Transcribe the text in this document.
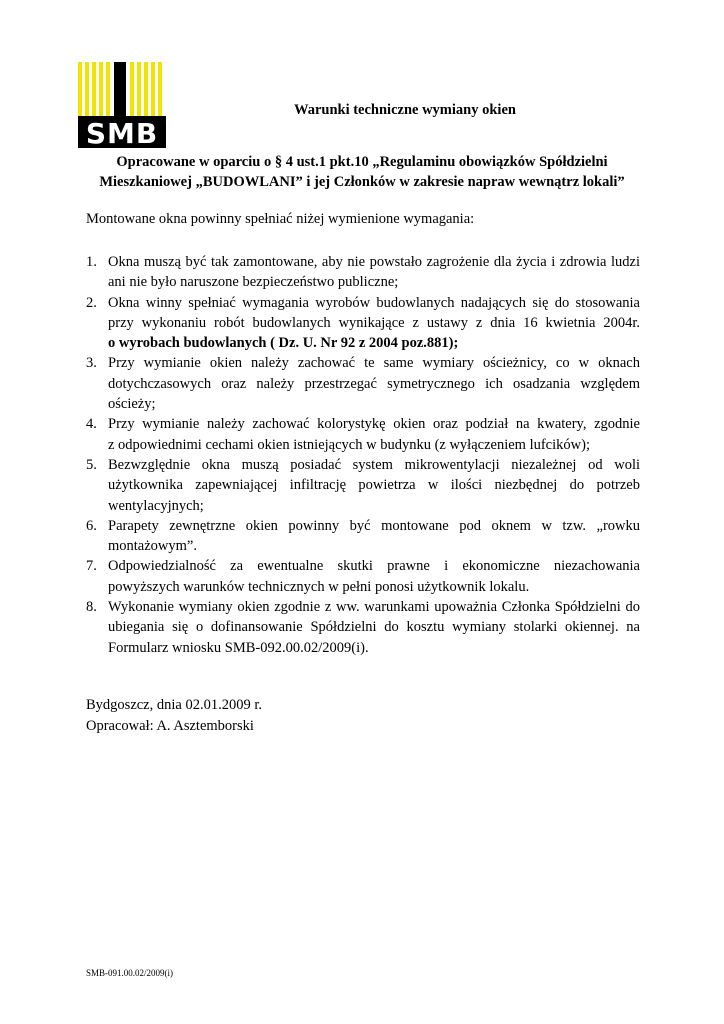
SMB
Warunki techniczne wymiany okien
Opracowane w oparciu o § 4 ust.1 pkt.10 „Regulaminu obowiązków Spółdzielni
Mieszkaniowej „BUDOWLANI” i jej Członków w zakresie napraw wewnątrz lokali”
Montowane okna powinny spełniać niżej wymienione wymagania:
1. Okna muszą być tak zamontowane, aby nie powstało zagrożenie dla życia i zdrowia ludzi
ani nie było naruszone bezpieczeństwo publiczne;
2. Okna winny spełniać wymagania wyrobów budowlanych nadających się do stosowania
przy wykonaniu robót budowlanych wynikające z ustawy z dnia 16 kwietnia 2004r.
o wyrobach budowlanych ( Dz. U. Nr 92 z 2004 poz.881);
3. Przy wymianie okien należy zachować te same wymiary ościeżnicy, co w oknach
dotychczasowych oraz należy przestrzegać symetrycznego ich osadzania względem
ościeży;
4. Przy wymianie należy zachować kolorystykę okien oraz podział na kwatery, zgodnie
z odpowiednimi cechami okien istniejących w budynku (z wyłączeniem lufcików);
5. Bezwzględnie okna muszą posiadać system mikrowentylacji niezależnej od woli
użytkownika zapewniającej infiltrację powietrza w ilości niezbędnej do potrzeb
wentylacyjnych;
6. Parapety zewnętrzne okien powinny być montowane pod oknem w tzw. „rowku
montażowym”.
7. Odpowiedzialność za ewentualne skutki prawne i ekonomiczne niezachowania
powyższych warunków technicznych w pełni ponosi użytkownik lokalu.
8. Wykonanie wymiany okien zgodnie z ww. warunkami upoważnia Członka Spółdzielni do
ubiegania się o dofinansowanie Spółdzielni do kosztu wymiany stolarki okiennej. na
Formularz wniosku SMB-092.00.02/2009(i).
Bydgoszcz, dnia 02.01.2009 r.
Opracował: A. Asztemborski
SMB-091.00.02/2009(i)
